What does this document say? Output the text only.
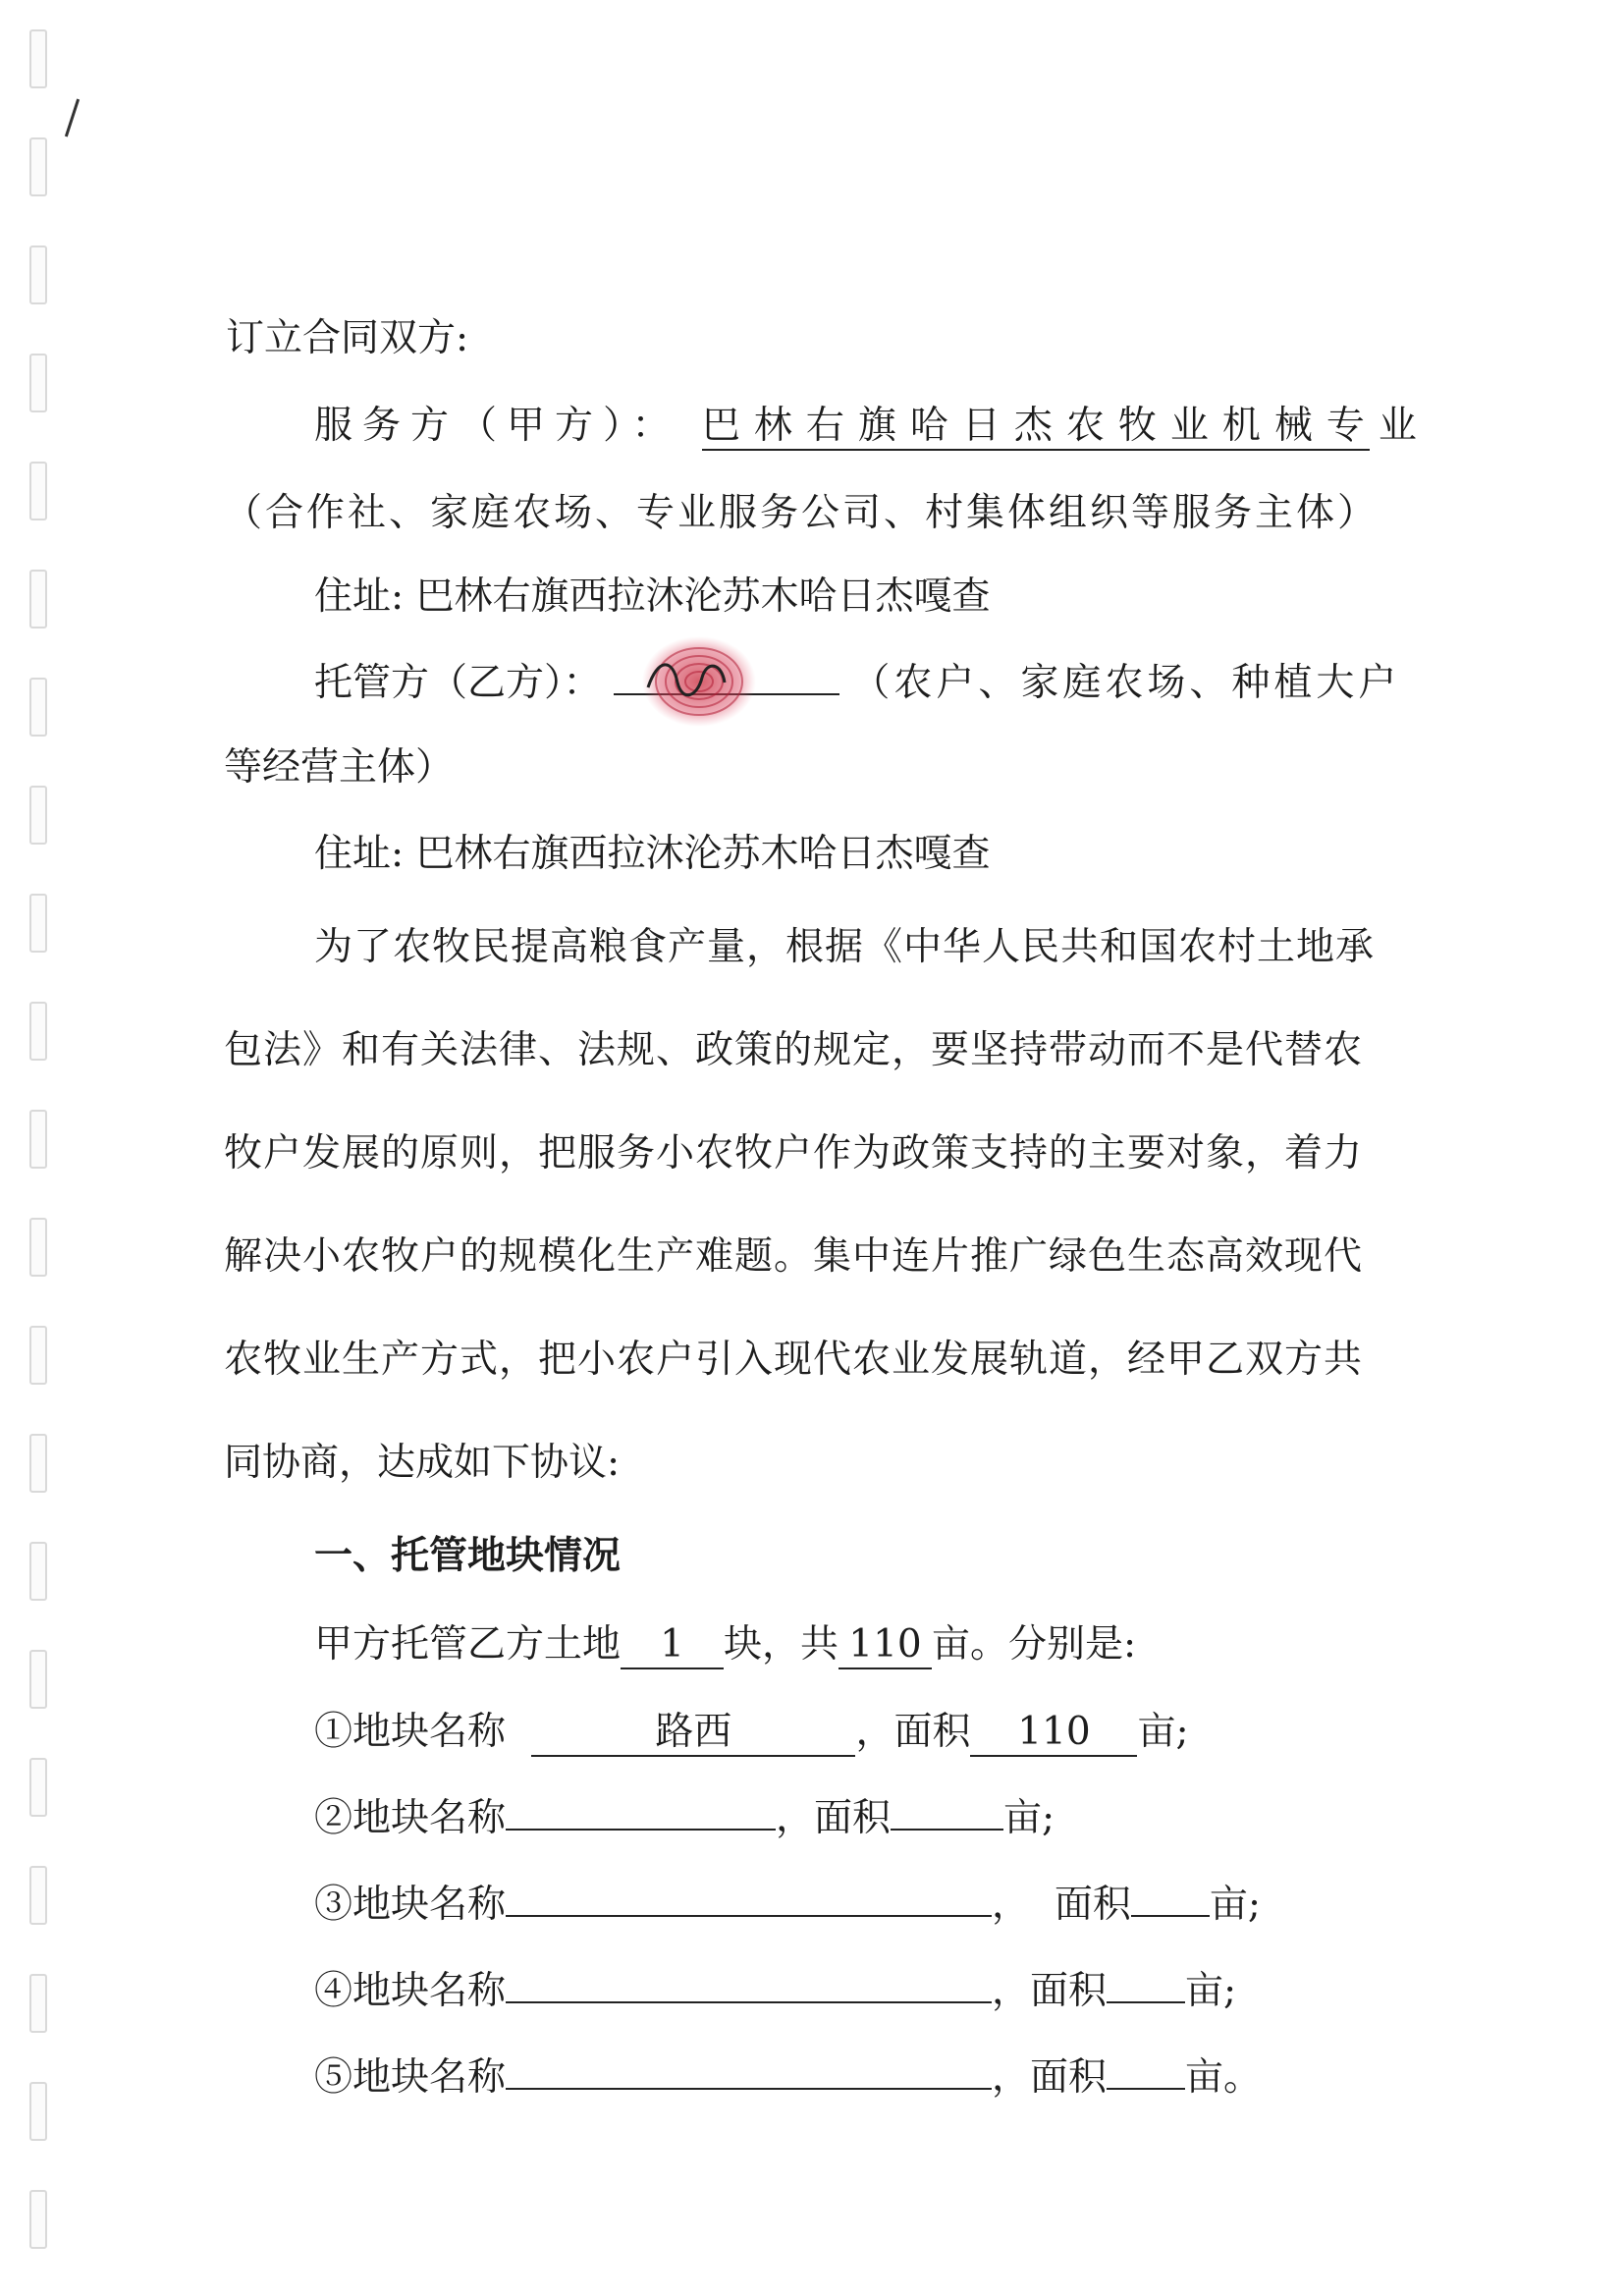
订立合同双方:
服务方（甲方）： 巴林右旗哈日杰农牧业机械专业
（合作社、家庭农场、专业服务公司、村集体组织等服务主体）
住址: 巴林右旗西拉沐沦苏木哈日杰嘎查
托管方（乙方）：	（农户、家庭农场、种植大户
等经营主体）
住址: 巴林右旗西拉沐沦苏木哈日杰嘎查
为了农牧民提高粮食产量，根据《中华人民共和国农村土地承
包法》和有关法律、法规、政策的规定，要坚持带动而不是代替农
牧户发展的原则，把服务小农牧户作为政策支持的主要对象，着力
解决小农牧户的规模化生产难题。集中连片推广绿色生态高效现代
农牧业生产方式，把小农户引入现代农业发展轨道，经甲乙双方共
同协商，达成如下协议:
一、托管地块情况
甲方托管乙方土地 1 块，共 110 亩。分别是:
①地块名称	路西	，面积 110 亩;
②地块名称	，面积	亩;
③地块名称	，  面积 亩;
④地块名称	，面积 亩;
⑤地块名称	，面积 亩。
